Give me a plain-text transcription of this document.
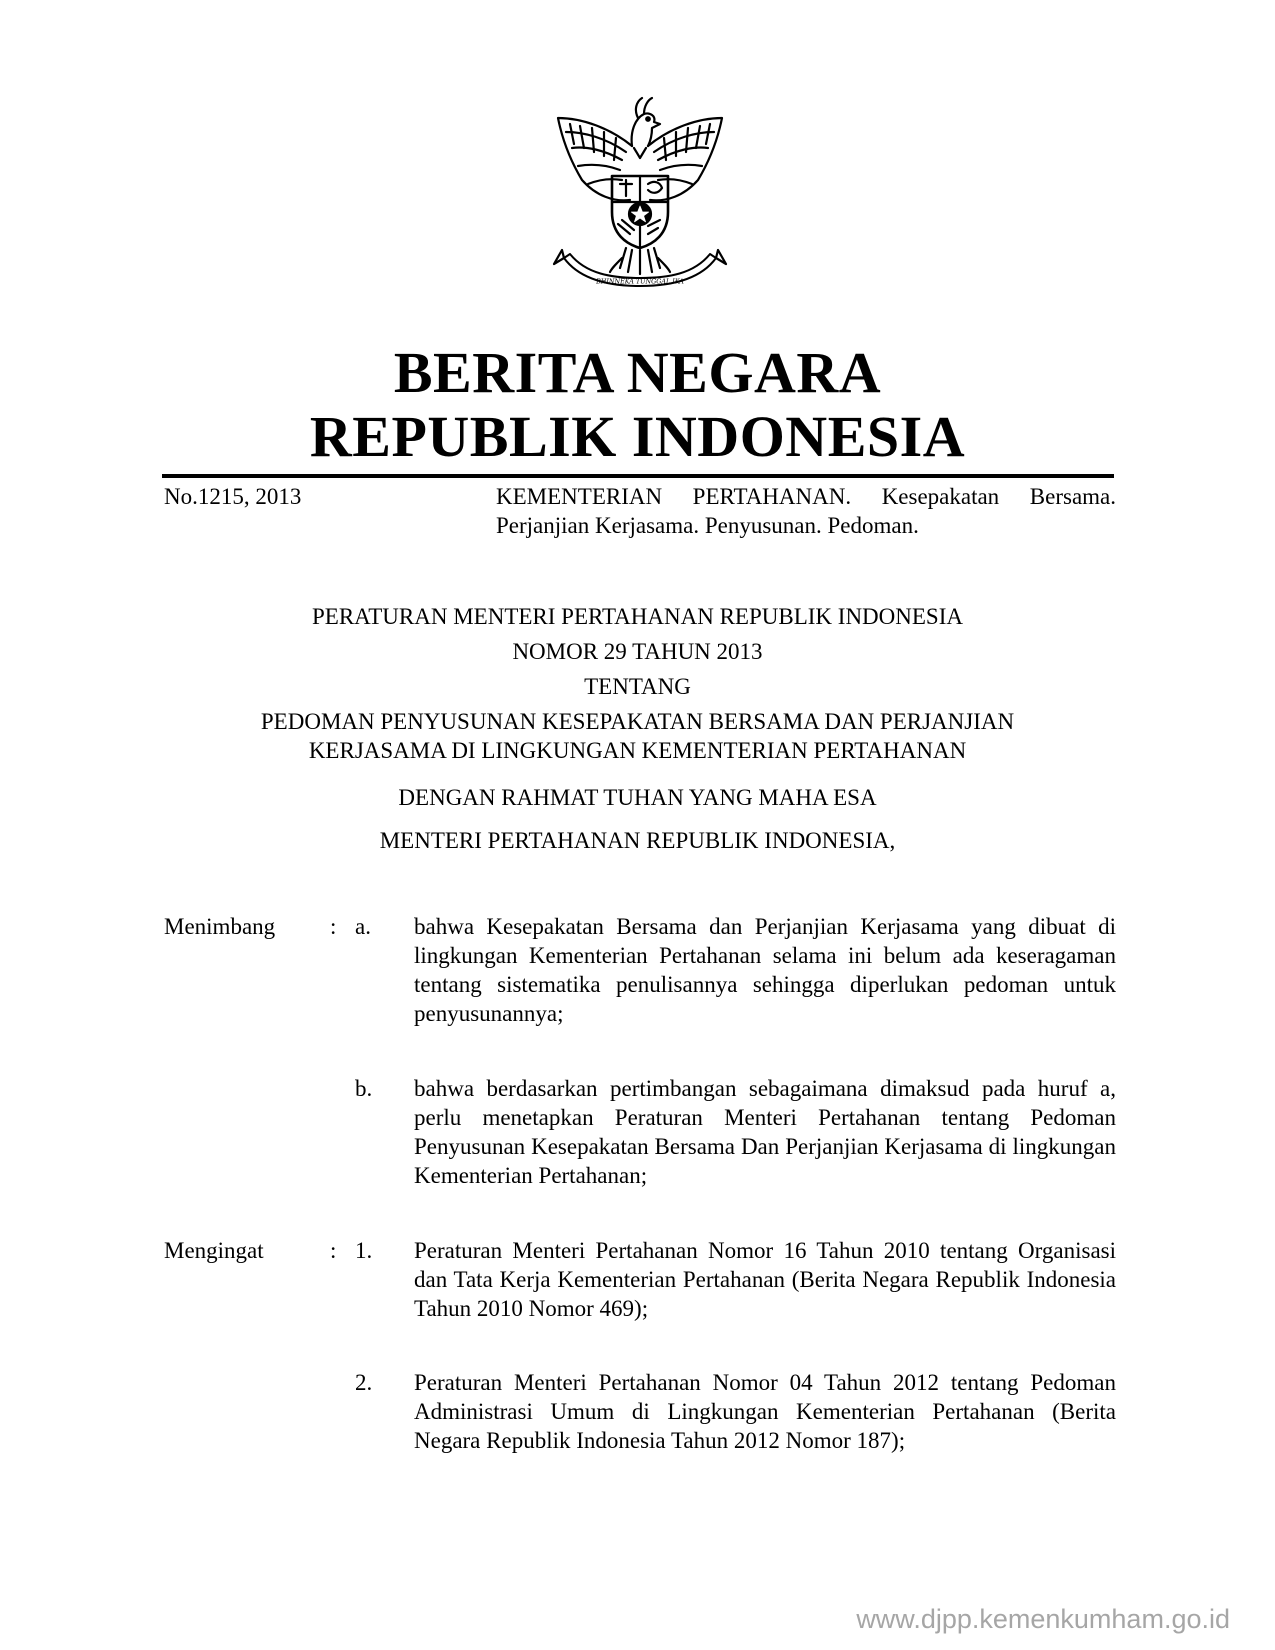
BHINNEKA TUNGGAL IKA
BERITA NEGARA
REPUBLIK INDONESIA
No.1215, 2013	KEMENTERIAN PERTAHANAN. Kesepakatan Bersama. Perjanjian Kerjasama. Penyusunan. Pedoman.
PERATURAN MENTERI PERTAHANAN REPUBLIK INDONESIA
NOMOR 29 TAHUN 2013
TENTANG
PEDOMAN PENYUSUNAN KESEPAKATAN BERSAMA DAN PERJANJIAN
KERJASAMA DI LINGKUNGAN KEMENTERIAN PERTAHANAN
DENGAN RAHMAT TUHAN YANG MAHA ESA
MENTERI PERTAHANAN REPUBLIK INDONESIA,
Menimbang : a.	bahwa Kesepakatan Bersama dan Perjanjian Kerjasama yang dibuat di lingkungan Kementerian Pertahanan selama ini belum ada keseragaman tentang sistematika penulisannya sehingga diperlukan pedoman untuk penyusunannya;
b.	bahwa berdasarkan pertimbangan sebagaimana dimaksud pada huruf a, perlu menetapkan Peraturan Menteri Pertahanan tentang Pedoman Penyusunan Kesepakatan Bersama Dan Perjanjian Kerjasama di lingkungan Kementerian Pertahanan;
Mengingat	: 1.	Peraturan Menteri Pertahanan Nomor 16 Tahun 2010 tentang Organisasi dan Tata Kerja Kementerian Pertahanan (Berita Negara Republik Indonesia Tahun 2010 Nomor 469);
2.	Peraturan Menteri Pertahanan Nomor 04 Tahun 2012 tentang Pedoman Administrasi Umum di Lingkungan Kementerian Pertahanan (Berita Negara Republik Indonesia Tahun 2012 Nomor 187);
www.djpp.kemenkumham.go.id
